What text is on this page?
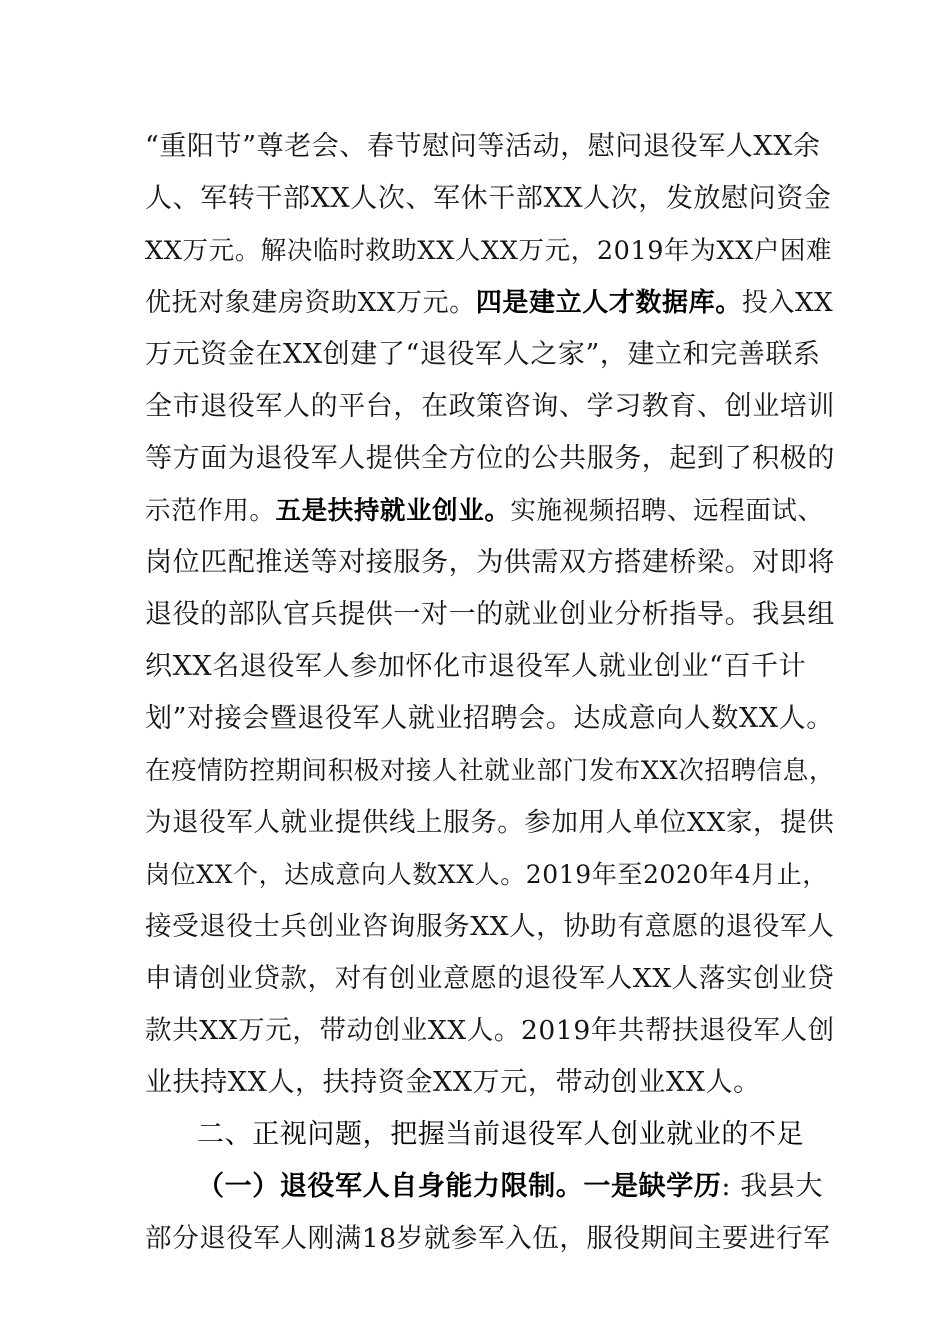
“重阳节”尊老会、春节慰问等活动，慰问退役军人XX余
人、军转干部XX人次、军休干部XX人次，发放慰问资金
XX万元。解决临时救助XX人XX万元，2019年为XX户困难
优抚对象建房资助XX万元。四是建立人才数据库。投入XX
万元资金在XX创建了“退役军人之家”，建立和完善联系
全市退役军人的平台，在政策咨询、学习教育、创业培训
等方面为退役军人提供全方位的公共服务，起到了积极的
示范作用。五是扶持就业创业。实施视频招聘、远程面试、
岗位匹配推送等对接服务，为供需双方搭建桥梁。对即将
退役的部队官兵提供一对一的就业创业分析指导。我县组
织XX名退役军人参加怀化市退役军人就业创业“百千计
划”对接会暨退役军人就业招聘会。达成意向人数XX人。
在疫情防控期间积极对接人社就业部门发布XX次招聘信息，
为退役军人就业提供线上服务。参加用人单位XX家，提供
岗位XX个，达成意向人数XX人。2019年至2020年4月止，
接受退役士兵创业咨询服务XX人，协助有意愿的退役军人
申请创业贷款，对有创业意愿的退役军人XX人落实创业贷
款共XX万元，带动创业XX人。2019年共帮扶退役军人创
业扶持XX人，扶持资金XX万元，带动创业XX人。
二、正视问题，把握当前退役军人创业就业的不足
（一）退役军人自身能力限制。一是缺学历: 我县大
部分退役军人刚满18岁就参军入伍，服役期间主要进行军
